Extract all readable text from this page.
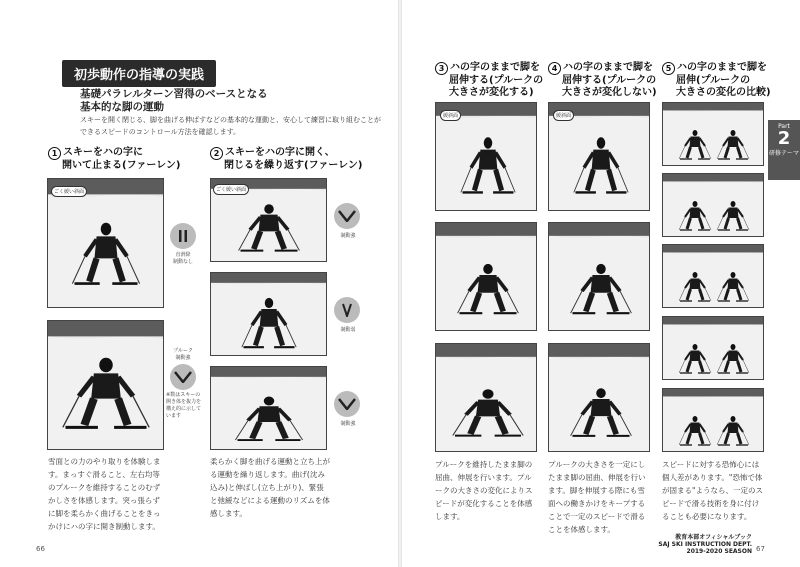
初歩動作の指導の実践
基礎パラレルターン習得のベースとなる
基本的な脚の運動
スキーを開く閉じる、脚を曲げる伸ばすなどの基本的な運動と、安心して練習に取り組むことができるスピードのコントロール方法を確認します。
1 スキーをハの字に
開いて止まる(ファーレン)
ごく緩い斜面
直滑降
制動なし
プルーク
制動強
※数はスキーの開き体を抜力を構え的に示しています
雪面との力のやり取りを体験します。まっすぐ滑ること、左右均等のプルークを維持することのむずかしさを体感します。突っ張らずに脚を柔らかく曲げることをきっかけにハの字に開き制動します。
2 スキーをハの字に開く、
閉じるを繰り返す(ファーレン)
ごく緩い斜面
制動強
制動弱
制動強
柔らかく脚を曲げる運動と立ち上がる運動を繰り返します。曲げ(沈み込み)と伸ばし(立ち上がり)、緊張と弛緩などによる運動のリズムを体感します。
66
3 ハの字のままで脚を
屈伸する(プルークの
大きさが変化する)
緩斜面
プルークを維持したまま脚の屈曲、伸展を行います。プルークの大きさの変化によりスピードが変化することを体感します。
4 ハの字のままで脚を
屈伸する(プルークの
大きさが変化しない)
緩斜面
プルークの大きさを一定にしたまま脚の屈曲、伸展を行います。脚を伸展する際にも雪面への働きかけをキープすることで一定のスピードで滑ることを体感します。
5 ハの字のままで脚を
屈伸(プルークの
大きさの変化の比較)
スピードに対する恐怖心には個人差があります。"恐怖で体が固まる"ようなら、一定のスピードで滑る技術を身に付けることも必要になります。
教育本部オフィシャルブック
SAJ SKI INSTRUCTION DEPT.
2019-2020 SEASON 67
Part
2
研修テーマ
